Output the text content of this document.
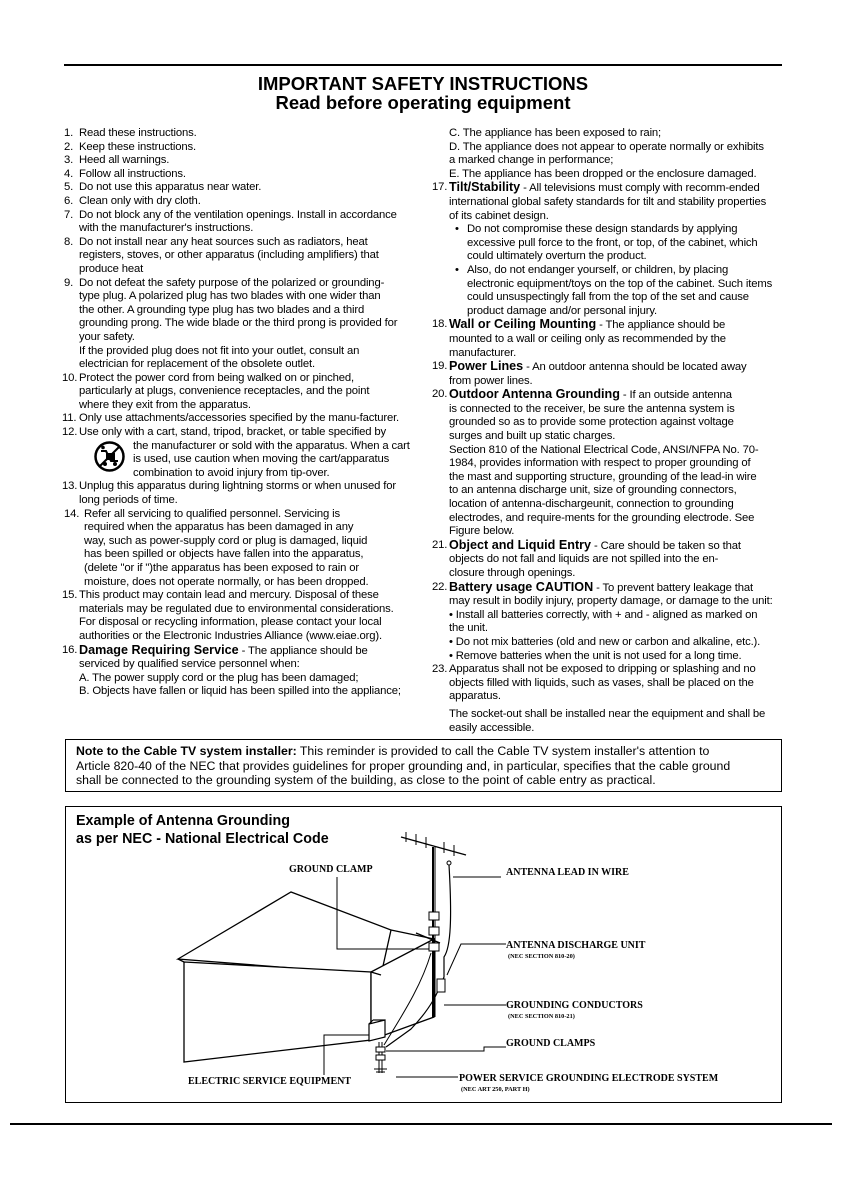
IMPORTANT SAFETY INSTRUCTIONS
Read before operating equipment
1. Read these instructions.
2. Keep these instructions.
3. Heed all warnings.
4. Follow all instructions.
5. Do not use this apparatus near water.
6. Clean only with dry cloth.
7. Do not block any of the ventilation openings. Install in accordance
with the manufacturer's instructions.
8. Do not install near any heat sources such as radiators, heat
registers, stoves, or other apparatus (including amplifiers) that
produce heat
9. Do not defeat the safety purpose of the polarized or grounding-
type plug. A polarized plug has two blades with one wider than
the other. A grounding type plug has two blades and a third
grounding prong. The wide blade or the third prong is provided for
your safety.
If the provided plug does not fit into your outlet, consult an
electrician for replacement of the obsolete outlet.
10. Protect the power cord from being walked on or pinched,
particularly at plugs, convenience receptacles, and the point
where they exit from the apparatus.
11. Only use attachments/accessories specified by the manu-facturer.
12. Use only with a cart, stand, tripod, bracket, or table specified by
the manufacturer or sold with the apparatus. When a cart
is used, use caution when moving the cart/apparatus
combination to avoid injury from tip-over.
13. Unplug this apparatus during lightning storms or when unused for
long periods of time.
14. Refer all servicing to qualified personnel. Servicing is
required when the apparatus has been damaged in any
way, such as power-supply cord or plug is damaged, liquid
has been spilled or objects have fallen into the apparatus,
(delete "or if ")the apparatus has been exposed to rain or
moisture, does not operate normally, or has been dropped.
15. This product may contain lead and mercury. Disposal of these
materials may be regulated due to environmental considerations.
For disposal or recycling information, please contact your local
authorities or the Electronic Industries Alliance (www.eiae.org).
16. Damage Requiring Service - The appliance should be
serviced by qualified service personnel when:
A. The power supply cord or the plug has been damaged;
B. Objects have fallen or liquid has been spilled into the appliance;
C. The appliance has been exposed to rain;
D. The appliance does not appear to operate normally or exhibits
a marked change in performance;
E. The appliance has been dropped or the enclosure damaged.
17. Tilt/Stability - All televisions must comply with recomm-ended
international global safety standards for tilt and stability properties
of its cabinet design.
• Do not compromise these design standards by applying
excessive pull force to the front, or top, of the cabinet, which
could ultimately overturn the product.
• Also, do not endanger yourself, or children, by placing
electronic equipment/toys on the top of the cabinet. Such items
could unsuspectingly fall from the top of the set and cause
product damage and/or personal injury.
18. Wall or Ceiling Mounting - The appliance should be
mounted to a wall or ceiling only as recommended by the
manufacturer.
19. Power Lines - An outdoor antenna should be located away
from power lines.
20. Outdoor Antenna Grounding - If an outside antenna
is connected to the receiver, be sure the antenna system is
grounded so as to provide some protection against voltage
surges and built up static charges.
Section 810 of the National Electrical Code, ANSI/NFPA No. 70-
1984, provides information with respect to proper grounding of
the mast and supporting structure, grounding of the lead-in wire
to an antenna discharge unit, size of grounding connectors,
location of antenna-dischargeunit, connection to grounding
electrodes, and require-ments for the grounding electrode. See
Figure below.
21. Object and Liquid Entry - Care should be taken so that
objects do not fall and liquids are not spilled into the en-
closure through openings.
22. Battery usage CAUTION - To prevent battery leakage that
may result in bodily injury, property damage, or damage to the unit:
• Install all batteries correctly, with + and - aligned as marked on
the unit.
• Do not mix batteries (old and new or carbon and alkaline, etc.).
• Remove batteries when the unit is not used for a long time.
23. Apparatus shall not be exposed to dripping or splashing and no
objects filled with liquids, such as vases, shall be placed on the
apparatus.
The socket-out shall be installed near the equipment and shall be
easily accessible.
Note to the Cable TV system installer: This reminder is provided to call the Cable TV system installer's attention to
Article 820-40 of the NEC that provides guidelines for proper grounding and, in particular, specifies that the cable ground
shall be connected to the grounding system of the building, as close to the point of cable entry as practical.
Example of Antenna Grounding
as per NEC - National Electrical Code
GROUND CLAMP	ANTENNA LEAD IN WIRE
ANTENNA DISCHARGE UNIT
(NEC SECTION 810-20)
GROUNDING CONDUCTORS
(NEC SECTION 810-21)
GROUND CLAMPS
ELECTRIC SERVICE EQUIPMENT	POWER SERVICE GROUNDING ELECTRODE SYSTEM
(NEC ART 250, PART H)
